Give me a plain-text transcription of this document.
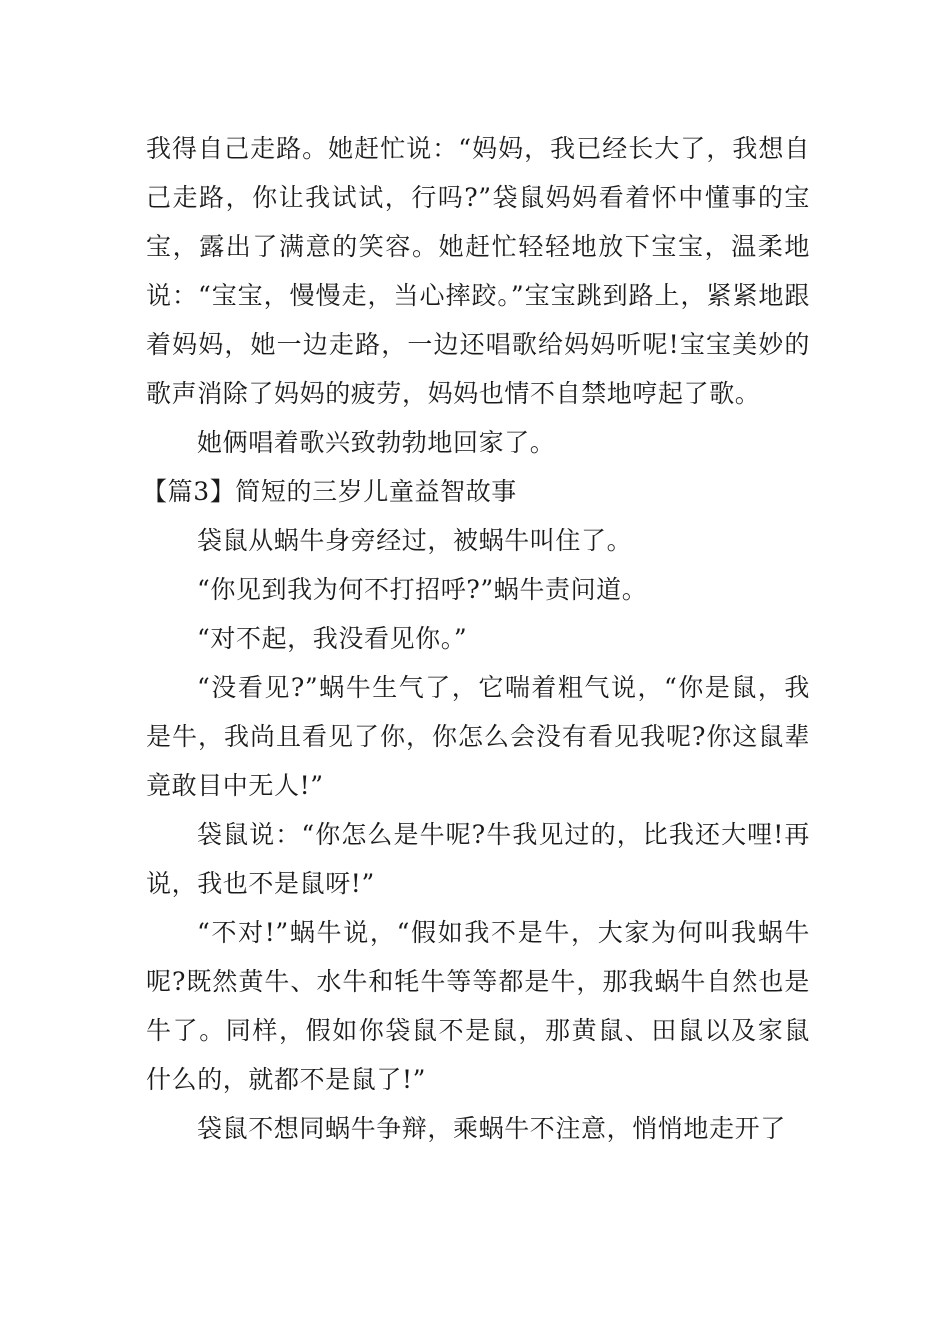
我得自己走路。她赶忙说：“妈妈，我已经长大了，我想自己走路，你让我试试，行吗?”袋鼠妈妈看着怀中懂事的宝宝，露出了满意的笑容。她赶忙轻轻地放下宝宝，温柔地说：“宝宝，慢慢走，当心摔跤。”宝宝跳到路上，紧紧地跟着妈妈，她一边走路，一边还唱歌给妈妈听呢!宝宝美妙的歌声消除了妈妈的疲劳，妈妈也情不自禁地哼起了歌。

她俩唱着歌兴致勃勃地回家了。

【篇3】简短的三岁儿童益智故事

袋鼠从蜗牛身旁经过，被蜗牛叫住了。

“你见到我为何不打招呼?”蜗牛责问道。

“对不起，我没看见你。”

“没看见?”蜗牛生气了，它喘着粗气说，“你是鼠，我是牛，我尚且看见了你，你怎么会没有看见我呢?你这鼠辈竟敢目中无人!”

袋鼠说：“你怎么是牛呢?牛我见过的，比我还大哩!再说，我也不是鼠呀!”

“不对!”蜗牛说，“假如我不是牛，大家为何叫我蜗牛呢?既然黄牛、水牛和牦牛等等都是牛，那我蜗牛自然也是牛了。同样，假如你袋鼠不是鼠，那黄鼠、田鼠以及家鼠什么的，就都不是鼠了!”

袋鼠不想同蜗牛争辩，乘蜗牛不注意，悄悄地走开了
